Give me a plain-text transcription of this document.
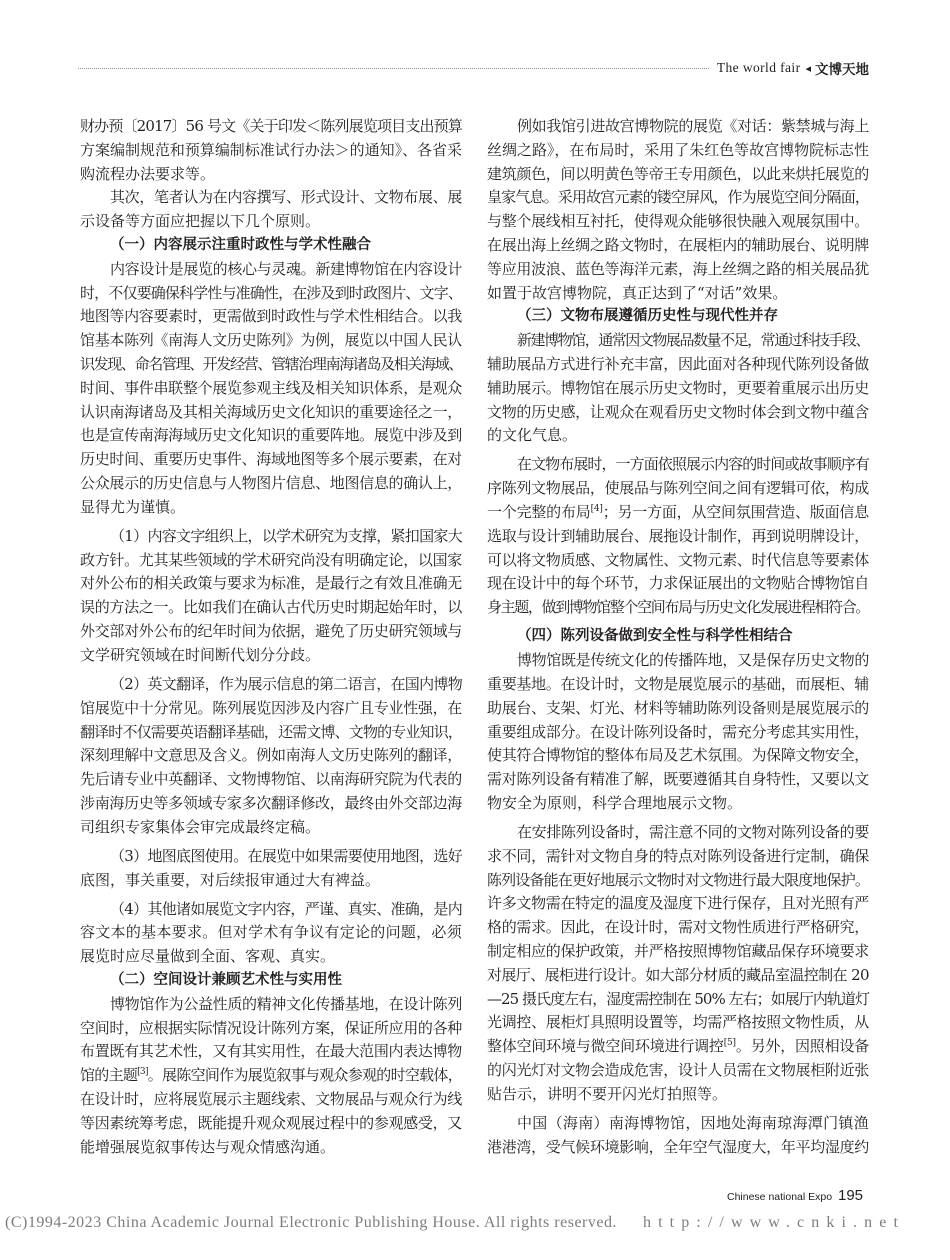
The world fair ◂ 文博天地
财办预〔2017〕56 号文《关于印发＜陈列展览项目支出预算
方案编制规范和预算编制标准试行办法＞的通知》、各省采
购流程办法要求等。
其次，笔者认为在内容撰写、形式设计、文物布展、展
示设备等方面应把握以下几个原则。
（一）内容展示注重时政性与学术性融合
内容设计是展览的核心与灵魂。新建博物馆在内容设计
时，不仅要确保科学性与准确性，在涉及到时政图片、文字、
地图等内容要素时，更需做到时政性与学术性相结合。以我
馆基本陈列《南海人文历史陈列》为例，展览以中国人民认
识发现、命名管理、开发经营、管辖治理南海诸岛及相关海域、
时间、事件串联整个展览参观主线及相关知识体系，是观众
认识南海诸岛及其相关海域历史文化知识的重要途径之一，
也是宣传南海海域历史文化知识的重要阵地。展览中涉及到
历史时间、重要历史事件、海域地图等多个展示要素，在对
公众展示的历史信息与人物图片信息、地图信息的确认上，
显得尤为谨慎。
（1）内容文字组织上，以学术研究为支撑，紧扣国家大
政方针。尤其某些领域的学术研究尚没有明确定论，以国家
对外公布的相关政策与要求为标准，是最行之有效且准确无
误的方法之一。比如我们在确认古代历史时期起始年时，以
外交部对外公布的纪年时间为依据，避免了历史研究领域与
文学研究领域在时间断代划分分歧。
（2）英文翻译，作为展示信息的第二语言，在国内博物
馆展览中十分常见。陈列展览因涉及内容广且专业性强，在
翻译时不仅需要英语翻译基础，还需文博、文物的专业知识，
深刻理解中文意思及含义。例如南海人文历史陈列的翻译，
先后请专业中英翻译、文物博物馆、以南海研究院为代表的
涉南海历史等多领域专家多次翻译修改，最终由外交部边海
司组织专家集体会审完成最终定稿。
（3）地图底图使用。在展览中如果需要使用地图，选好
底图，事关重要，对后续报审通过大有裨益。
（4）其他诸如展览文字内容，严谨、真实、准确，是内
容文本的基本要求。但对学术有争议有定论的问题，必须
展览时应尽量做到全面、客观、真实。
（二）空间设计兼顾艺术性与实用性
博物馆作为公益性质的精神文化传播基地，在设计陈列
空间时，应根据实际情况设计陈列方案，保证所应用的各种
布置既有其艺术性，又有其实用性，在最大范围内表达博物
馆的主题[3]。展陈空间作为展览叙事与观众参观的时空载体，
在设计时，应将展览展示主题线索、文物展品与观众行为线
等因素统筹考虑，既能提升观众观展过程中的参观感受，又
能增强展览叙事传达与观众情感沟通。
例如我馆引进故宫博物院的展览《对话：紫禁城与海上
丝绸之路》，在布局时，采用了朱红色等故宫博物院标志性
建筑颜色，间以明黄色等帝王专用颜色，以此来烘托展览的
皇家气息。采用故宫元素的镂空屏风，作为展览空间分隔面，
与整个展线相互衬托，使得观众能够很快融入观展氛围中。
在展出海上丝绸之路文物时，在展柜内的辅助展台、说明牌
等应用波浪、蓝色等海洋元素，海上丝绸之路的相关展品犹
如置于故宫博物院，真正达到了“对话”效果。
（三）文物布展遵循历史性与现代性并存
新建博物馆，通常因文物展品数量不足，常通过科技手段、
辅助展品方式进行补充丰富，因此面对各种现代陈列设备做
辅助展示。博物馆在展示历史文物时，更要着重展示出历史
文物的历史感，让观众在观看历史文物时体会到文物中蕴含
的文化气息。
在文物布展时，一方面依照展示内容的时间或故事顺序有
序陈列文物展品，使展品与陈列空间之间有逻辑可依，构成
一个完整的布局[4]；另一方面，从空间氛围营造、版面信息
选取与设计到辅助展台、展拖设计制作，再到说明牌设计，
可以将文物质感、文物属性、文物元素、时代信息等要素体
现在设计中的每个环节，力求保证展出的文物贴合博物馆自
身主题，做到博物馆整个空间布局与历史文化发展进程相符合。
（四）陈列设备做到安全性与科学性相结合
博物馆既是传统文化的传播阵地，又是保存历史文物的
重要基地。在设计时，文物是展览展示的基础，而展柜、辅
助展台、支架、灯光、材料等辅助陈列设备则是展览展示的
重要组成部分。在设计陈列设备时，需充分考虑其实用性，
使其符合博物馆的整体布局及艺术氛围。为保障文物安全，
需对陈列设备有精准了解，既要遵循其自身特性，又要以文
物安全为原则，科学合理地展示文物。
在安排陈列设备时，需注意不同的文物对陈列设备的要
求不同，需针对文物自身的特点对陈列设备进行定制，确保
陈列设备能在更好地展示文物时对文物进行最大限度地保护。
许多文物需在特定的温度及湿度下进行保存，且对光照有严
格的需求。因此，在设计时，需对文物性质进行严格研究，
制定相应的保护政策，并严格按照博物馆藏品保存环境要求
对展厅、展柜进行设计。如大部分材质的藏品室温控制在 20
—25 摄氏度左右，湿度需控制在 50% 左右；如展厅内轨道灯
光调控、展柜灯具照明设置等，均需严格按照文物性质，从
整体空间环境与微空间环境进行调控[5]。另外，因照相设备
的闪光灯对文物会造成危害，设计人员需在文物展柜附近张
贴告示，讲明不要开闪光灯拍照等。
中国（海南）南海博物馆，因地处海南琼海潭门镇渔
港港湾，受气候环境影响，全年空气湿度大，年平均湿度约
Chinese national Expo 195
(C)1994-2023 China Academic Journal Electronic Publishing House. All rights reserved. http://www.cnki.net
